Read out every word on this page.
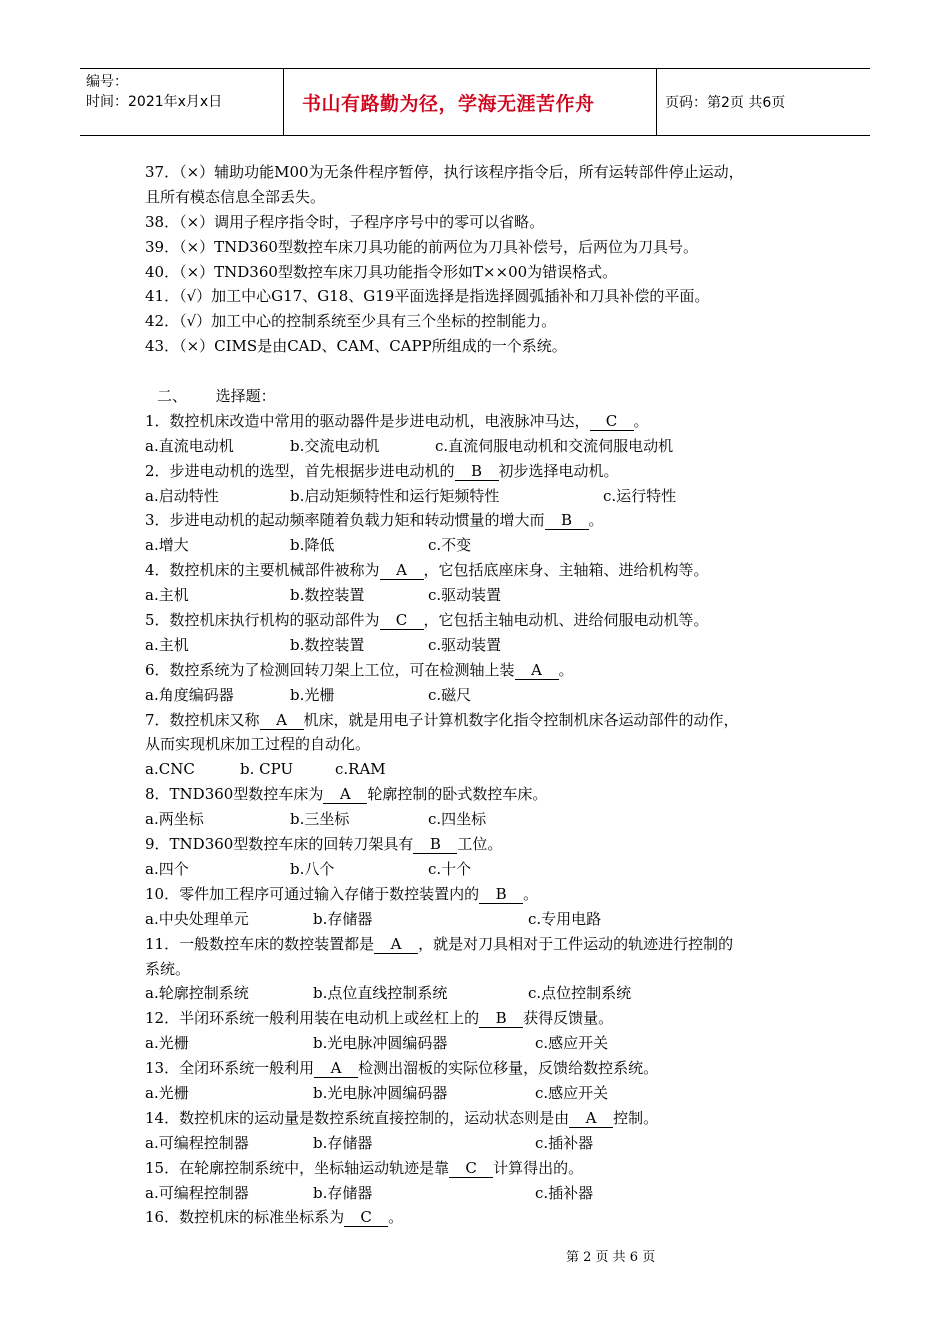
编号：
时间：2021年x月x日	书山有路勤为径，学海无涯苦作舟	页码：第2页 共6页
37．（×）辅助功能M00为无条件程序暂停，执行该程序指令后，所有运转部件停止运动，
且所有模态信息全部丢失。
38．（×）调用子程序指令时，子程序序号中的零可以省略。
39．（×）TND360型数控车床刀具功能的前两位为刀具补偿号，后两位为刀具号。
40．（×）TND360型数控车床刀具功能指令形如T××00为错误格式。
41．（√）加工中心G17、G18、G19平面选择是指选择圆弧插补和刀具补偿的平面。
42．（√）加工中心的控制系统至少具有三个坐标的控制能力。
43．（×）CIMS是由CAD、CAM、CAPP所组成的一个系统。
二、      选择题：
1．数控机床改造中常用的驱动器件是步进电动机，电液脉冲马达， C 。
a.直流电动机	b.交流电动机	c.直流伺服电动机和交流伺服电动机
2．步进电动机的选型，首先根据步进电动机的 B 初步选择电动机。
a.启动特性	b.启动矩频特性和运行矩频特性	c.运行特性
3．步进电动机的起动频率随着负载力矩和转动惯量的增大而 B 。
a.增大	b.降低	c.不变
4．数控机床的主要机械部件被称为 A ，它包括底座床身、主轴箱、进给机构等。
a.主机	b.数控装置	c.驱动装置
5．数控机床执行机构的驱动部件为 C ，它包括主轴电动机、进给伺服电动机等。
a.主机	b.数控装置	c.驱动装置
6．数控系统为了检测回转刀架上工位，可在检测轴上装 A 。
a.角度编码器	b.光栅	c.磁尺
7．数控机床又称 A 机床，就是用电子计算机数字化指令控制机床各运动部件的动作，
从而实现机床加工过程的自动化。
a.CNC	b. CPU	c.RAM
8．TND360型数控车床为 A 轮廓控制的卧式数控车床。
a.两坐标	b.三坐标	c.四坐标
9．TND360型数控车床的回转刀架具有 B 工位。
a.四个	b.八个	c.十个
10．零件加工程序可通过输入存储于数控装置内的 B 。
a.中央处理单元	b.存储器	c.专用电路
11．一般数控车床的数控装置都是 A ，就是对刀具相对于工件运动的轨迹进行控制的
系统。
a.轮廓控制系统	b.点位直线控制系统	c.点位控制系统
12．半闭环系统一般利用装在电动机上或丝杠上的 B 获得反馈量。
a.光栅	b.光电脉冲圆编码器	c.感应开关
13．全闭环系统一般利用 A 检测出溜板的实际位移量，反馈给数控系统。
a.光栅	b.光电脉冲圆编码器	c.感应开关
14．数控机床的运动量是数控系统直接控制的，运动状态则是由 A 控制。
a.可编程控制器	b.存储器	c.插补器
15．在轮廓控制系统中，坐标轴运动轨迹是靠 C 计算得出的。
a.可编程控制器	b.存储器	c.插补器
16．数控机床的标准坐标系为 C 。
第 2 页 共 6 页
